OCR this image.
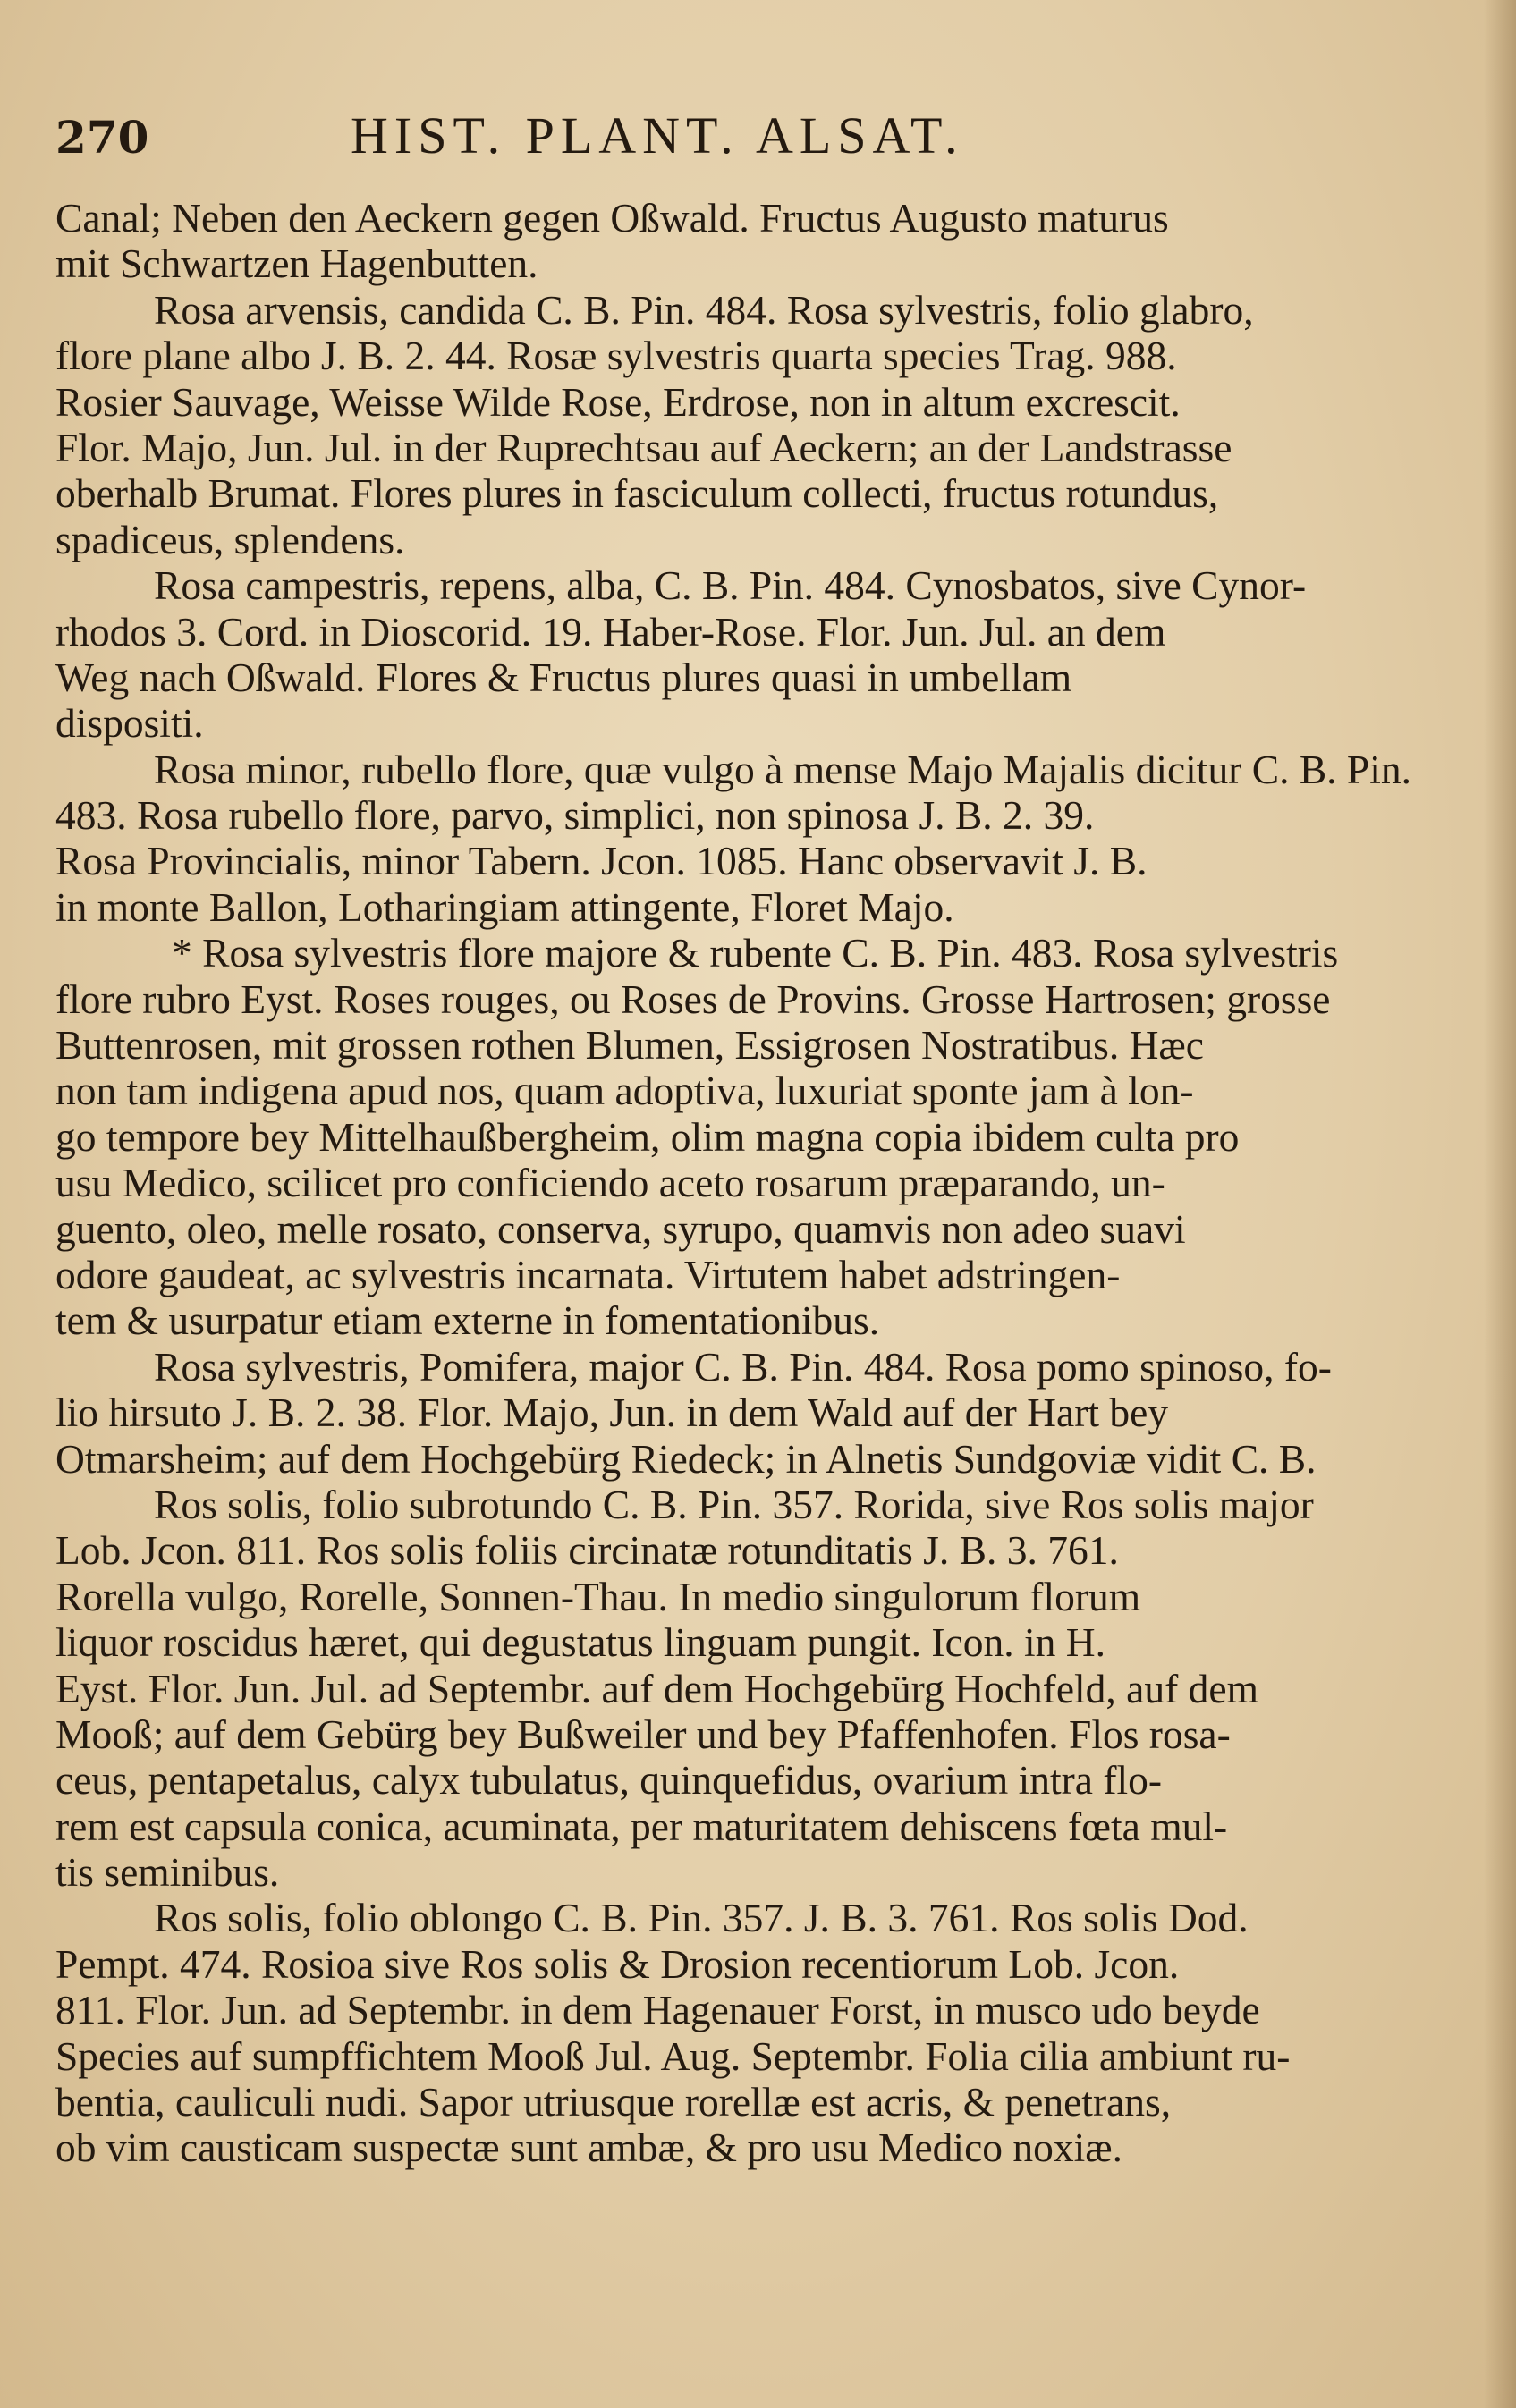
270	HIST. PLANT. ALSAT.
Canal; Neben den Aeckern gegen Oßwald. Fructus Augusto maturus
mit Schwartzen Hagenbutten.
Rosa arvensis, candida C. B. Pin. 484. Rosa sylvestris, folio glabro,
flore plane albo J. B. 2. 44. Rosæ sylvestris quarta species Trag. 988.
Rosier Sauvage, Weisse Wilde Rose, Erdrose, non in altum excrescit.
Flor. Majo, Jun. Jul. in der Ruprechtsau auf Aeckern; an der Landstrasse
oberhalb Brumat. Flores plures in fasciculum collecti, fructus rotundus,
spadiceus, splendens.
Rosa campestris, repens, alba, C. B. Pin. 484. Cynosbatos, sive Cynor-
rhodos 3. Cord. in Dioscorid. 19. Haber-Rose. Flor. Jun. Jul. an dem
Weg nach Oßwald. Flores & Fructus plures quasi in umbellam
dispositi.
Rosa minor, rubello flore, quæ vulgo à mense Majo Majalis dicitur C. B. Pin.
483. Rosa rubello flore, parvo, simplici, non spinosa J. B. 2. 39.
Rosa Provincialis, minor Tabern. Jcon. 1085. Hanc observavit J. B.
in monte Ballon, Lotharingiam attingente, Floret Majo.
* Rosa sylvestris flore majore & rubente C. B. Pin. 483. Rosa sylvestris
flore rubro Eyst. Roses rouges, ou Roses de Provins. Grosse Hartrosen; grosse
Buttenrosen, mit grossen rothen Blumen, Essigrosen Nostratibus. Hæc
non tam indigena apud nos, quam adoptiva, luxuriat sponte jam à lon-
go tempore bey Mittelhaußbergheim, olim magna copia ibidem culta pro
usu Medico, scilicet pro conficiendo aceto rosarum præparando, un-
guento, oleo, melle rosato, conserva, syrupo, quamvis non adeo suavi
odore gaudeat, ac sylvestris incarnata. Virtutem habet adstringen-
tem & usurpatur etiam externe in fomentationibus.
Rosa sylvestris, Pomifera, major C. B. Pin. 484. Rosa pomo spinoso, fo-
lio hirsuto J. B. 2. 38. Flor. Majo, Jun. in dem Wald auf der Hart bey
Otmarsheim; auf dem Hochgebürg Riedeck; in Alnetis Sundgoviæ vidit C. B.
Ros solis, folio subrotundo C. B. Pin. 357. Rorida, sive Ros solis major
Lob. Jcon. 811. Ros solis foliis circinatæ rotunditatis J. B. 3. 761.
Rorella vulgo, Rorelle, Sonnen-Thau. In medio singulorum florum
liquor roscidus hæret, qui degustatus linguam pungit. Icon. in H.
Eyst. Flor. Jun. Jul. ad Septembr. auf dem Hochgebürg Hochfeld, auf dem
Mooß; auf dem Gebürg bey Bußweiler und bey Pfaffenhofen. Flos rosa-
ceus, pentapetalus, calyx tubulatus, quinquefidus, ovarium intra flo-
rem est capsula conica, acuminata, per maturitatem dehiscens fœta mul-
tis seminibus.
Ros solis, folio oblongo C. B. Pin. 357. J. B. 3. 761. Ros solis Dod.
Pempt. 474. Rosioa sive Ros solis & Drosion recentiorum Lob. Jcon.
811. Flor. Jun. ad Septembr. in dem Hagenauer Forst, in musco udo beyde
Species auf sumpffichtem Mooß Jul. Aug. Septembr. Folia cilia ambiunt ru-
bentia, cauliculi nudi. Sapor utriusque rorellæ est acris, & penetrans,
ob vim causticam suspectæ sunt ambæ, & pro usu Medico noxiæ.
